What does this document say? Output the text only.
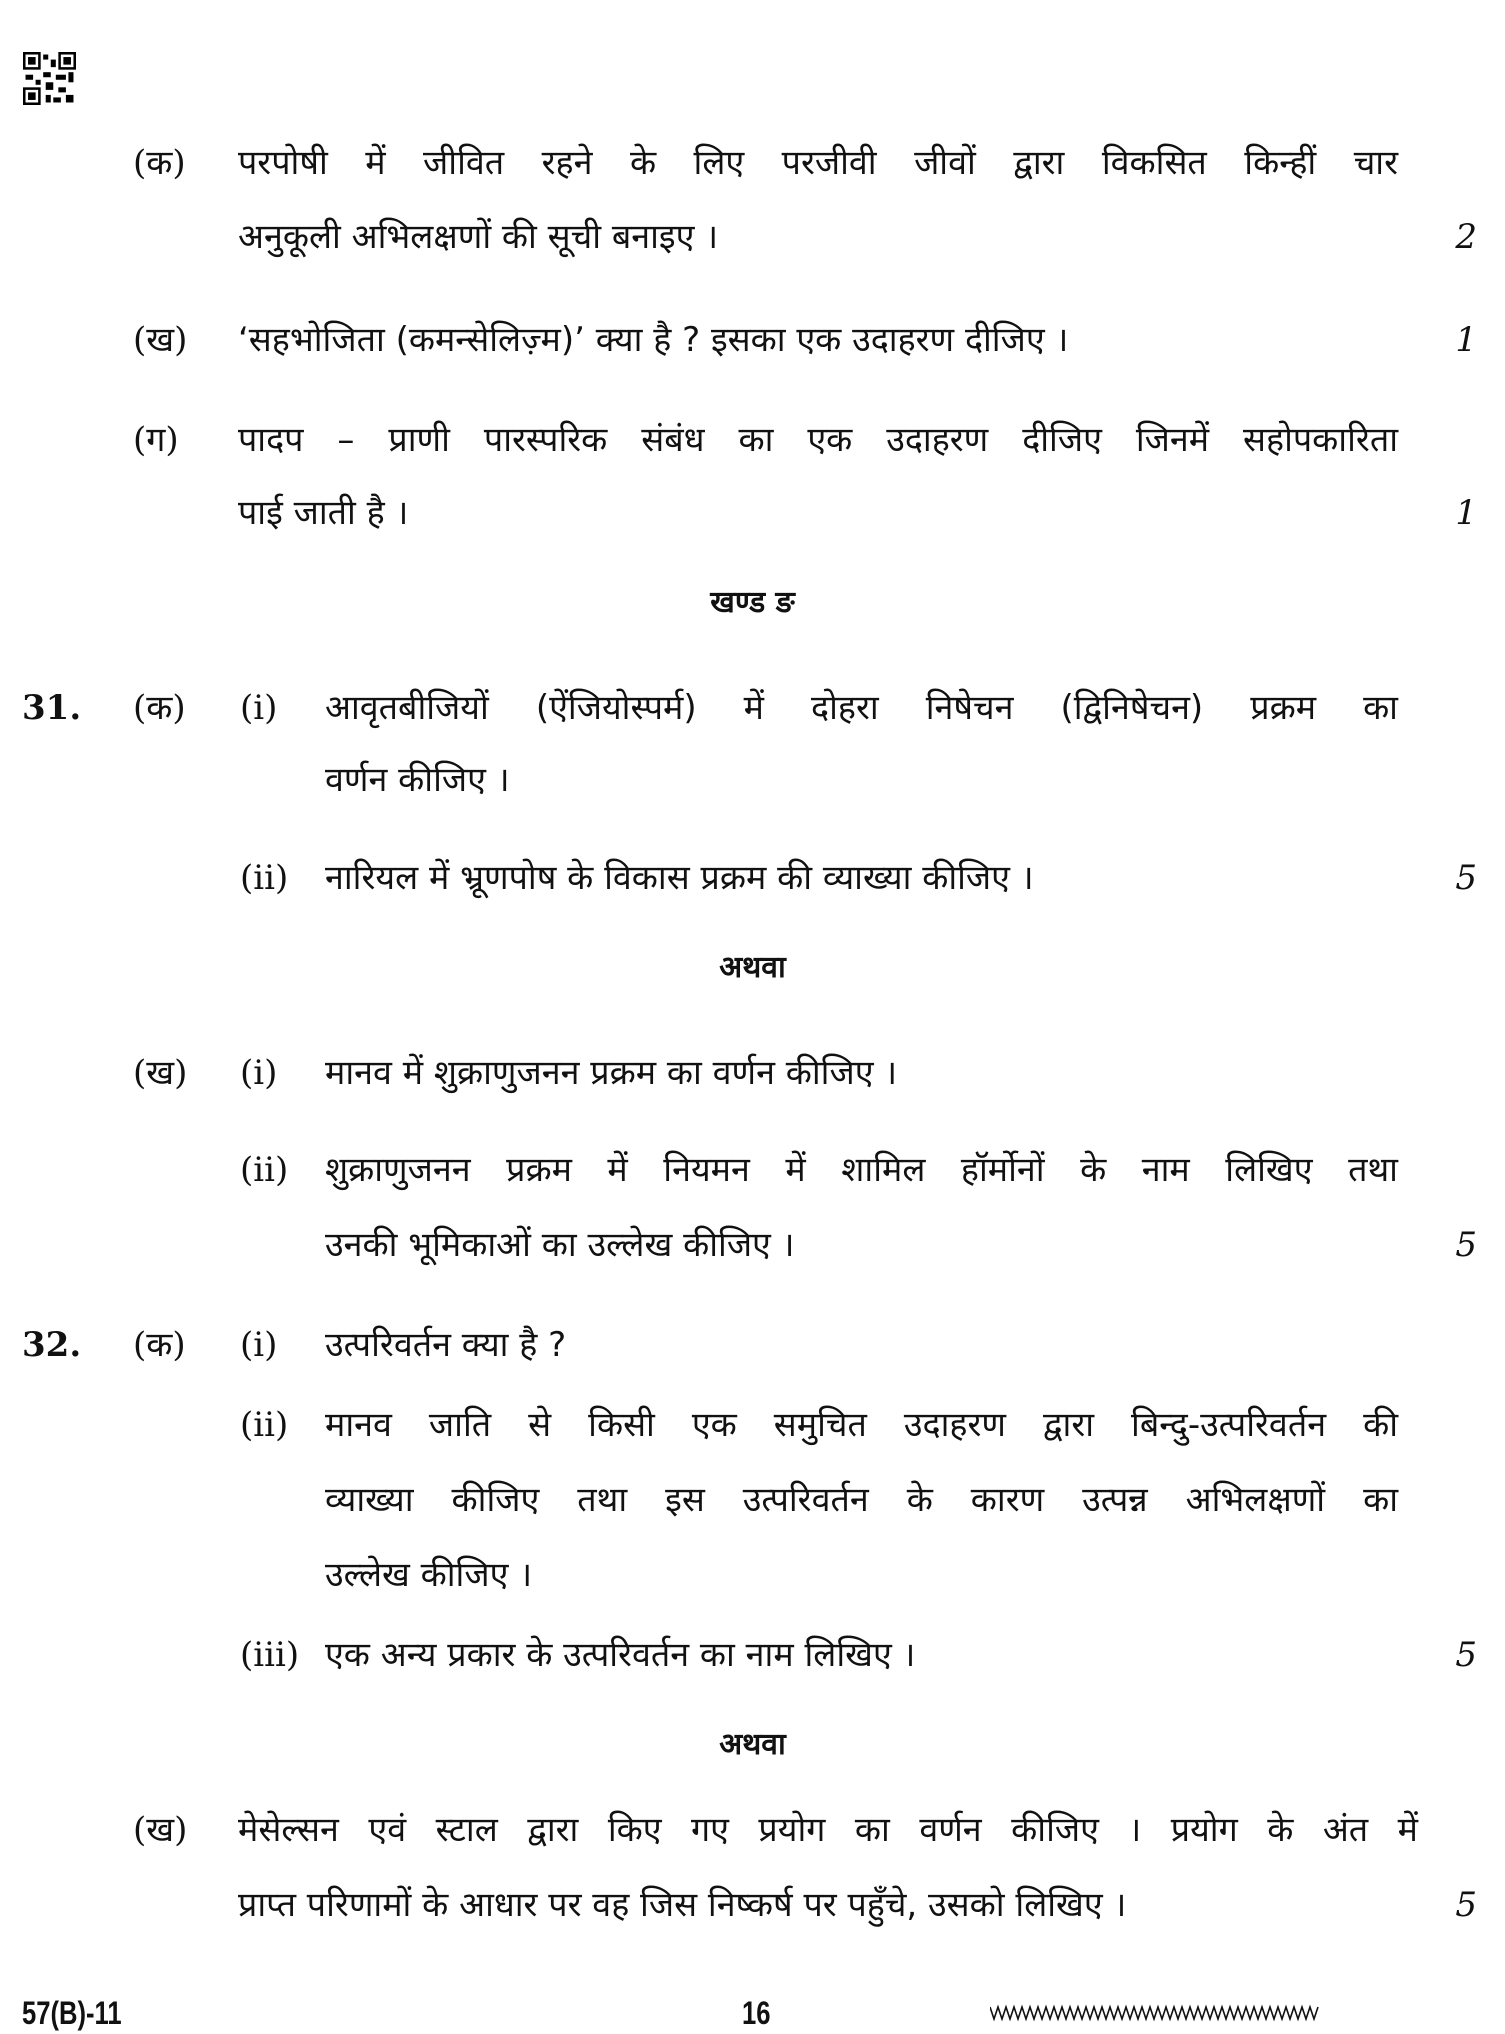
(क) परपोषी में जीवित रहने के लिए परजीवी जीवों द्वारा विकसित किन्हीं चार
अनुकूली अभिलक्षणों की सूची बनाइए ।	2
(ख) ‘सहभोजिता (कमन्सेलिज़्म)’ क्या है ? इसका एक उदाहरण दीजिए ।	1
(ग) पादप – प्राणी पारस्परिक संबंध का एक उदाहरण दीजिए जिनमें सहोपकारिता
पाई जाती है ।	1
खण्ड ङ
31. (क) (i) आवृतबीजियों (ऐंजियोस्पर्म) में दोहरा निषेचन (द्विनिषेचन) प्रक्रम का
वर्णन कीजिए ।
(ii) नारियल में भ्रूणपोष के विकास प्रक्रम की व्याख्या कीजिए ।	5
अथवा
(ख) (i) मानव में शुक्राणुजनन प्रक्रम का वर्णन कीजिए ।
(ii) शुक्राणुजनन प्रक्रम में नियमन में शामिल हॉर्मोनों के नाम लिखिए तथा
उनकी भूमिकाओं का उल्लेख कीजिए ।	5
32. (क) (i) उत्परिवर्तन क्या है ?
(ii) मानव जाति से किसी एक समुचित उदाहरण द्वारा बिन्दु-उत्परिवर्तन की
व्याख्या कीजिए तथा इस उत्परिवर्तन के कारण उत्पन्न अभिलक्षणों का
उल्लेख कीजिए ।
(iii) एक अन्य प्रकार के उत्परिवर्तन का नाम लिखिए ।	5
अथवा
(ख) मेसेल्सन एवं स्टाल द्वारा किए गए प्रयोग का वर्णन कीजिए । प्रयोग के अंत में
प्राप्त परिणामों के आधार पर वह जिस निष्कर्ष पर पहुँचे, उसको लिखिए ।	5
57(B)-11	16
